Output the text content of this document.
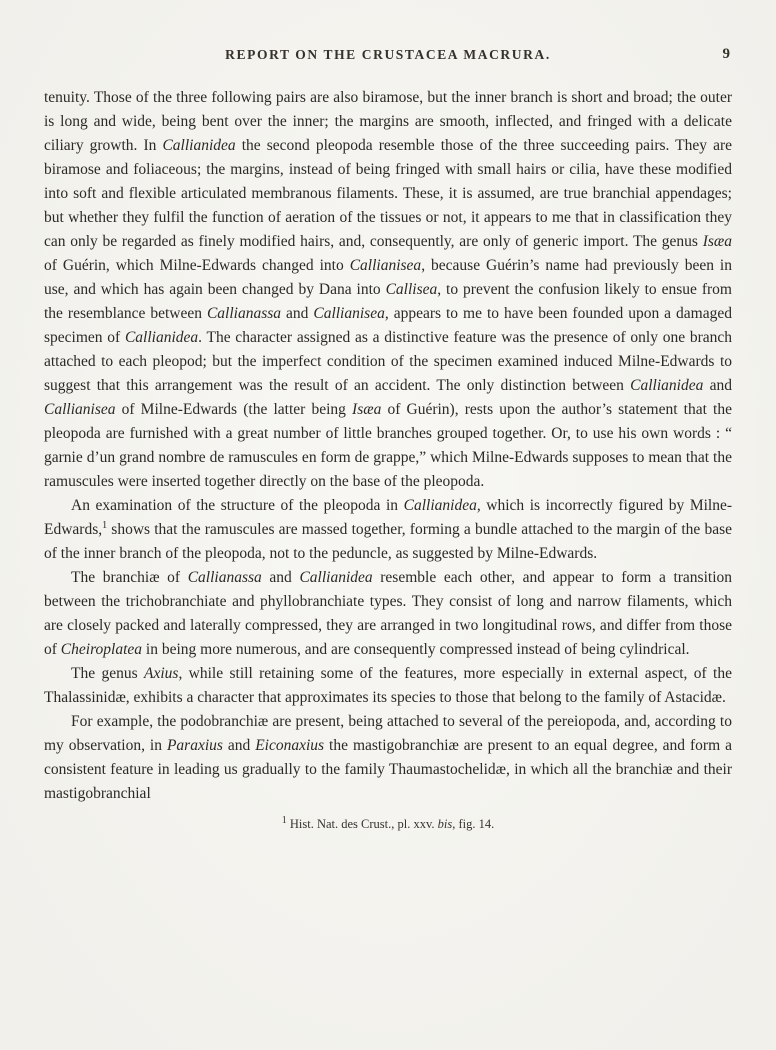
REPORT ON THE CRUSTACEA MACRURA.	9

tenuity. Those of the three following pairs are also biramose, but the inner branch is short and broad; the outer is long and wide, being bent over the inner; the margins are smooth, inflected, and fringed with a delicate ciliary growth. In Callianidea the second pleopoda resemble those of the three succeeding pairs. They are biramose and foliaceous; the margins, instead of being fringed with small hairs or cilia, have these modified into soft and flexible articulated membranous filaments. These, it is assumed, are true branchial appendages; but whether they fulfil the function of aeration of the tissues or not, it appears to me that in classification they can only be regarded as finely modified hairs, and, consequently, are only of generic import. The genus Isæa of Guérin, which Milne-Edwards changed into Callianisea, because Guérin’s name had previously been in use, and which has again been changed by Dana into Callisea, to prevent the confusion likely to ensue from the resemblance between Callianassa and Callianisea, appears to me to have been founded upon a damaged specimen of Callianidea. The character assigned as a distinctive feature was the presence of only one branch attached to each pleopod; but the imperfect condition of the specimen examined induced Milne-Edwards to suggest that this arrangement was the result of an accident. The only distinction between Callianidea and Callianisea of Milne-Edwards (the latter being Isæa of Guérin), rests upon the author’s statement that the pleopoda are furnished with a great number of little branches grouped together. Or, to use his own words : “ garnie d’un grand nombre de ramuscules en form de grappe,” which Milne-Edwards supposes to mean that the ramuscules were inserted together directly on the base of the pleopoda.

An examination of the structure of the pleopoda in Callianidea, which is incorrectly figured by Milne-Edwards,$^1$ shows that the ramuscules are massed together, forming a bundle attached to the margin of the base of the inner branch of the pleopoda, not to the peduncle, as suggested by Milne-Edwards.

The branchiæ of Callianassa and Callianidea resemble each other, and appear to form a transition between the trichobranchiate and phyllobranchiate types. They consist of long and narrow filaments, which are closely packed and laterally compressed, they are arranged in two longitudinal rows, and differ from those of Cheiroplatea in being more numerous, and are consequently compressed instead of being cylindrical.

The genus Axius, while still retaining some of the features, more especially in external aspect, of the Thalassinidæ, exhibits a character that approximates its species to those that belong to the family of Astacidæ.

For example, the podobranchiæ are present, being attached to several of the pereiopoda, and, according to my observation, in Paraxius and Eiconaxius the mastigobranchiæ are present to an equal degree, and form a consistent feature in leading us gradually to the family Thaumastochelidæ, in which all the branchiæ and their mastigobranchial

$^1$ Hist. Nat. des Crust., pl. xxv. bis, fig. 14.
